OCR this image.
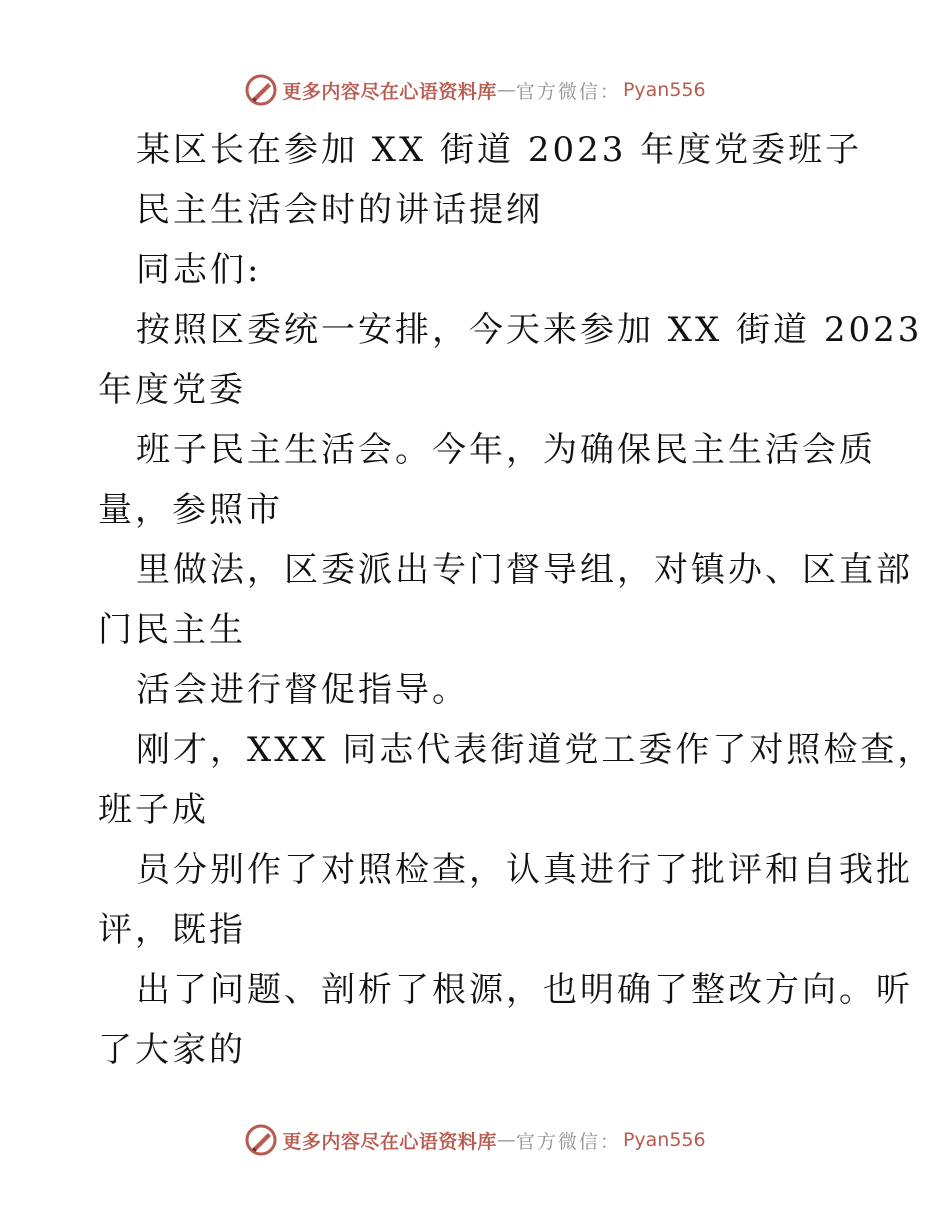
更多内容尽在心语资料库 — 官方微信： Pyan556

某区长在参加 XX 街道 2023 年度党委班子

民主生活会时的讲话提纲

同志们:

按照区委统一安排，今天来参加 XX 街道 2023

年度党委

班子民主生活会。今年，为确保民主生活会质

量，参照市

里做法，区委派出专门督导组，对镇办、区直部

门民主生

活会进行督促指导。

刚才，XXX 同志代表街道党工委作了对照检查，

班子成

员分别作了对照检查，认真进行了批评和自我批

评，既指

出了问题、剖析了根源，也明确了整改方向。听

了大家的

更多内容尽在心语资料库 — 官方微信： Pyan556
